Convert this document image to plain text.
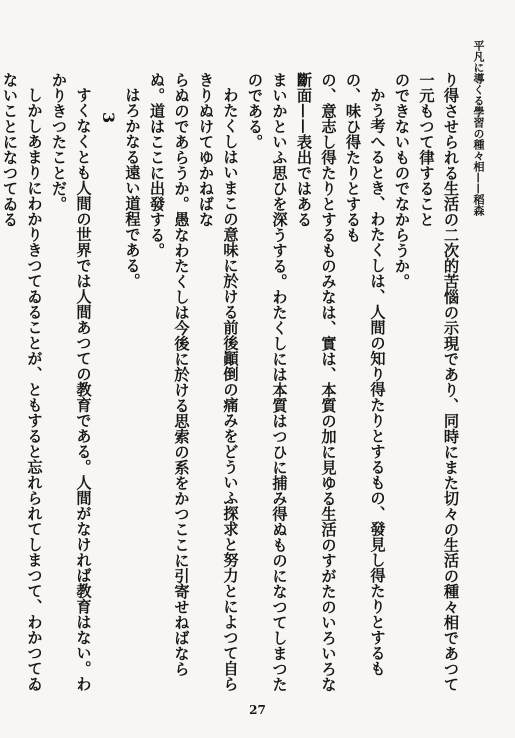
平凡に導くる學習の種々相——稻森

り得させられる生活の二次的苦惱の示現であり、同時にまた切々の生活の種々相であつて一元もつて律すること

のできないものでなからうか。

かう考へるとき、わたくしは、人間の知り得たりとするもの、發見し得たりとするもの、味ひ得たりとするも

の、意志し得たりとするものみなは、實は、本質の加に見ゆる生活のすがたのいろいろな斷面——表出ではある

まいかといふ思ひを深うする。わたくしには本質はつひに捕み得ぬものになつてしまつたのである。

わたくしはいまこの意味に於ける前後顚倒の痛みをどういふ探求と努力とによつて自らきりぬけてゆかねばな

らぬのであらうか。愚なわたくしは今後に於ける思索の系をかつここに引寄せねばならぬ。道はここに出發する。

はろかなる遠い道程である。

3

すくなくとも人間の世界では人間あつての教育である。人間がなければ教育はない。わかりきつたことだ。

しかしあまりにわかりきつてゐることが、ともすると忘れられてしまつて、わかつてゐないことになつてゐる

27
